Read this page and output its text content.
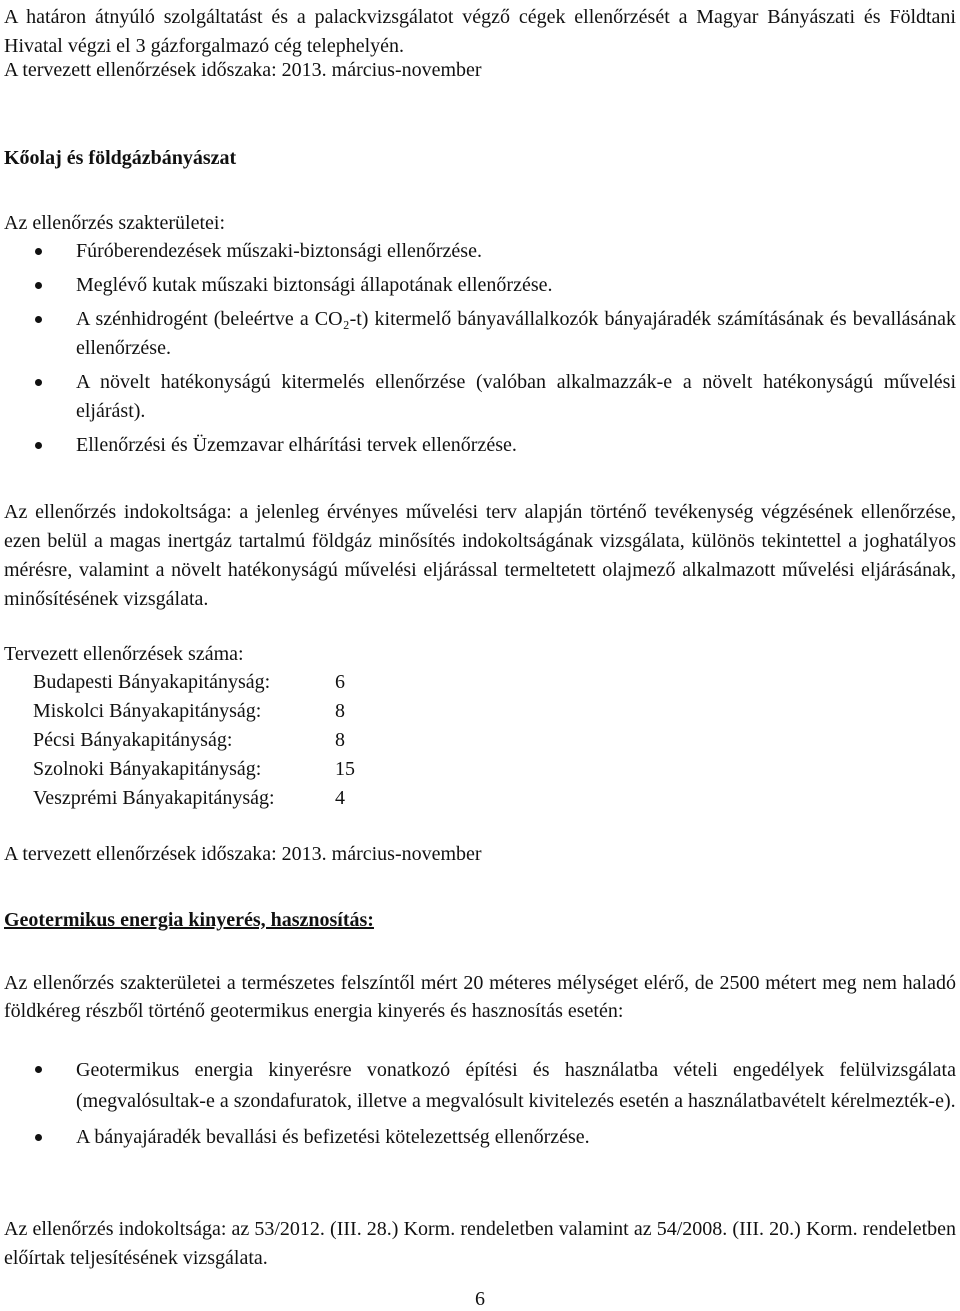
A határon átnyúló szolgáltatást és a palackvizsgálatot végző cégek ellenőrzését a Magyar Bányászati és Földtani Hivatal végzi el 3 gázforgalmazó cég telephelyén.

A tervezett ellenőrzések időszaka: 2013. március-november

Kőolaj és földgázbányászat

Az ellenőrzés szakterületei:

Fúróberendezések műszaki-biztonsági ellenőrzése.
Meglévő kutak műszaki biztonsági állapotának ellenőrzése.
A szénhidrogént (beleértve a CO₂-t) kitermelő bányavállalkozók bányajáradék számításának és bevallásának ellenőrzése.
A növelt hatékonyságú kitermelés ellenőrzése (valóban alkalmazzák-e a növelt hatékonyságú művelési eljárást).
Ellenőrzési és Üzemzavar elhárítási tervek ellenőrzése.

Az ellenőrzés indokoltsága: a jelenleg érvényes művelési terv alapján történő tevékenység végzésének ellenőrzése, ezen belül a magas inertgáz tartalmú földgáz minősítés indokoltságának vizsgálata, különös tekintettel a joghatályos mérésre, valamint a növelt hatékonyságú művelési eljárással termeltetett olajmező alkalmazott művelési eljárásának, minősítésének vizsgálata.

Tervezett ellenőrzések száma:

Budapesti Bányakapitányság:	6
Miskolci Bányakapitányság:	8
Pécsi Bányakapitányság:	8
Szolnoki Bányakapitányság:	15
Veszprémi Bányakapitányság:	4

A tervezett ellenőrzések időszaka: 2013. március-november

Geotermikus energia kinyerés, hasznosítás:

Az ellenőrzés szakterületei a természetes felszíntől mért 20 méteres mélységet elérő, de 2500 métert meg nem haladó földkéreg részből történő geotermikus energia kinyerés és hasznosítás esetén:

Geotermikus energia kinyerésre vonatkozó építési és használatba vételi engedélyek felülvizsgálata (megvalósultak-e a szondafuratok, illetve a megvalósult kivitelezés esetén a használatbavételt kérelmezték-e).
A bányajáradék bevallási és befizetési kötelezettség ellenőrzése.

Az ellenőrzés indokoltsága: az 53/2012. (III. 28.) Korm. rendeletben valamint az 54/2008. (III. 20.) Korm. rendeletben előírtak teljesítésének vizsgálata.

6
